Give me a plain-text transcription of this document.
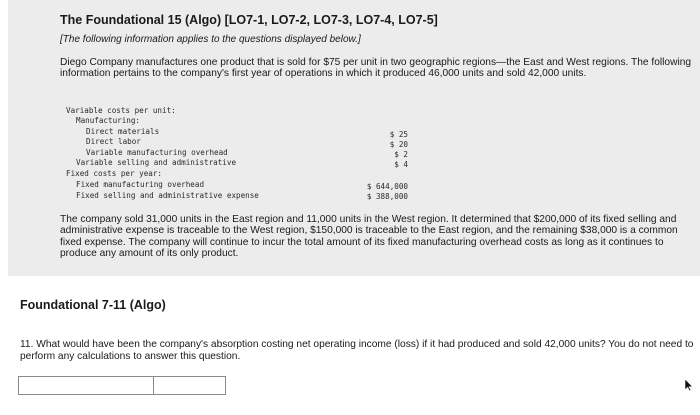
The Foundational 15 (Algo) [LO7-1, LO7-2, LO7-3, LO7-4, LO7-5]
[The following information applies to the questions displayed below.]
Diego Company manufactures one product that is sold for $75 per unit in two geographic regions—the East and West regions. The following information pertains to the company's first year of operations in which it produced 46,000 units and sold 42,000 units.
Variable costs per unit:
Manufacturing:
Direct materials	$ 25
Direct labor	$ 20
Variable manufacturing overhead	$ 2
Variable selling and administrative	$ 4
Fixed costs per year:
Fixed manufacturing overhead	$ 644,000
Fixed selling and administrative expense	$ 388,000
The company sold 31,000 units in the East region and 11,000 units in the West region. It determined that $200,000 of its fixed selling and administrative expense is traceable to the West region, $150,000 is traceable to the East region, and the remaining $38,000 is a common fixed expense. The company will continue to incur the total amount of its fixed manufacturing overhead costs as long as it continues to produce any amount of its only product.
Foundational 7-11 (Algo)
11. What would have been the company's absorption costing net operating income (loss) if it had produced and sold 42,000 units? You do not need to perform any calculations to answer this question.
